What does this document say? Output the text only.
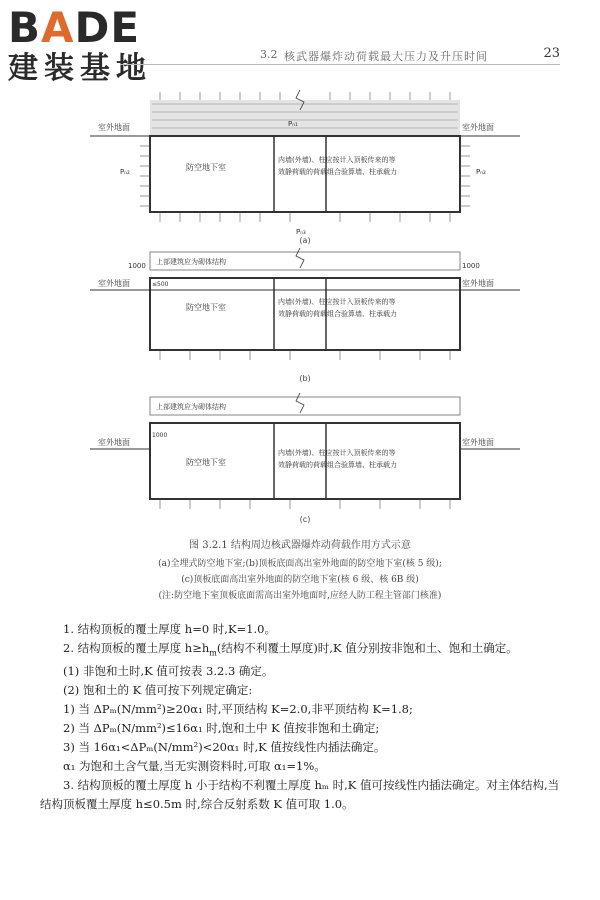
BADE
建装基地	3.2 核武器爆炸动荷载最大压力及升压时间	23
室外地面	室外地面
Pₙ₁
防空地下室
内墙(外墙)、柱应按计入顶板传来的等
效静荷载的荷载组合验算墙、柱承载力
Pₙ₂	Pₙ₂
Pₙ₃
(a)
上部建筑应为砌体结构
1000	1000
室外地面	室外地面
≤500
防空地下室
内墙(外墙)、柱应按计入顶板传来的等
效静荷载的荷载组合验算墙、柱承载力
(b)
上部建筑应为砌体结构
1000
室外地面	室外地面
防空地下室
内墙(外墙)、柱应按计入顶板传来的等
效静荷载的荷载组合验算墙、柱承载力
(c)
图 3.2.1 结构周边核武器爆炸动荷载作用方式示意
(a)全埋式防空地下室;(b)顶板底面高出室外地面的防空地下室(核 5 级);
(c)顶板底面高出室外地面的防空地下室(核 6 级、核 6B 级)
(注:防空地下室顶板底面需高出室外地面时,应经人防工程主管部门核准)

1. 结构顶板的覆土厚度 h=0 时,K=1.0。

2. 结构顶板的覆土厚度 $h\ge h_m$(结构不利覆土厚度)时,K 值分别按非饱和土、饱和土确定。

(1) 非饱和土时,K 值可按表 3.2.3 确定。

(2) 饱和土的 K 值可按下列规定确定:

1) 当 ΔPₘ(N/mm²)≥20α₁ 时,平顶结构 K=2.0,非平顶结构 K=1.8;

2) 当 ΔPₘ(N/mm²)≤16α₁ 时,饱和土中 K 值按非饱和土确定;

3) 当 16α₁<ΔPₘ(N/mm²)<20α₁ 时,K 值按线性内插法确定。

α₁ 为饱和土含气量,当无实测资料时,可取 α₁=1%。

3. 结构顶板的覆土厚度 h 小于结构不利覆土厚度 hₘ 时,K 值可按线性内插法确定。对主体结构,当结构顶板覆土厚度 h≤0.5m 时,综合反射系数 K 值可取 1.0。
